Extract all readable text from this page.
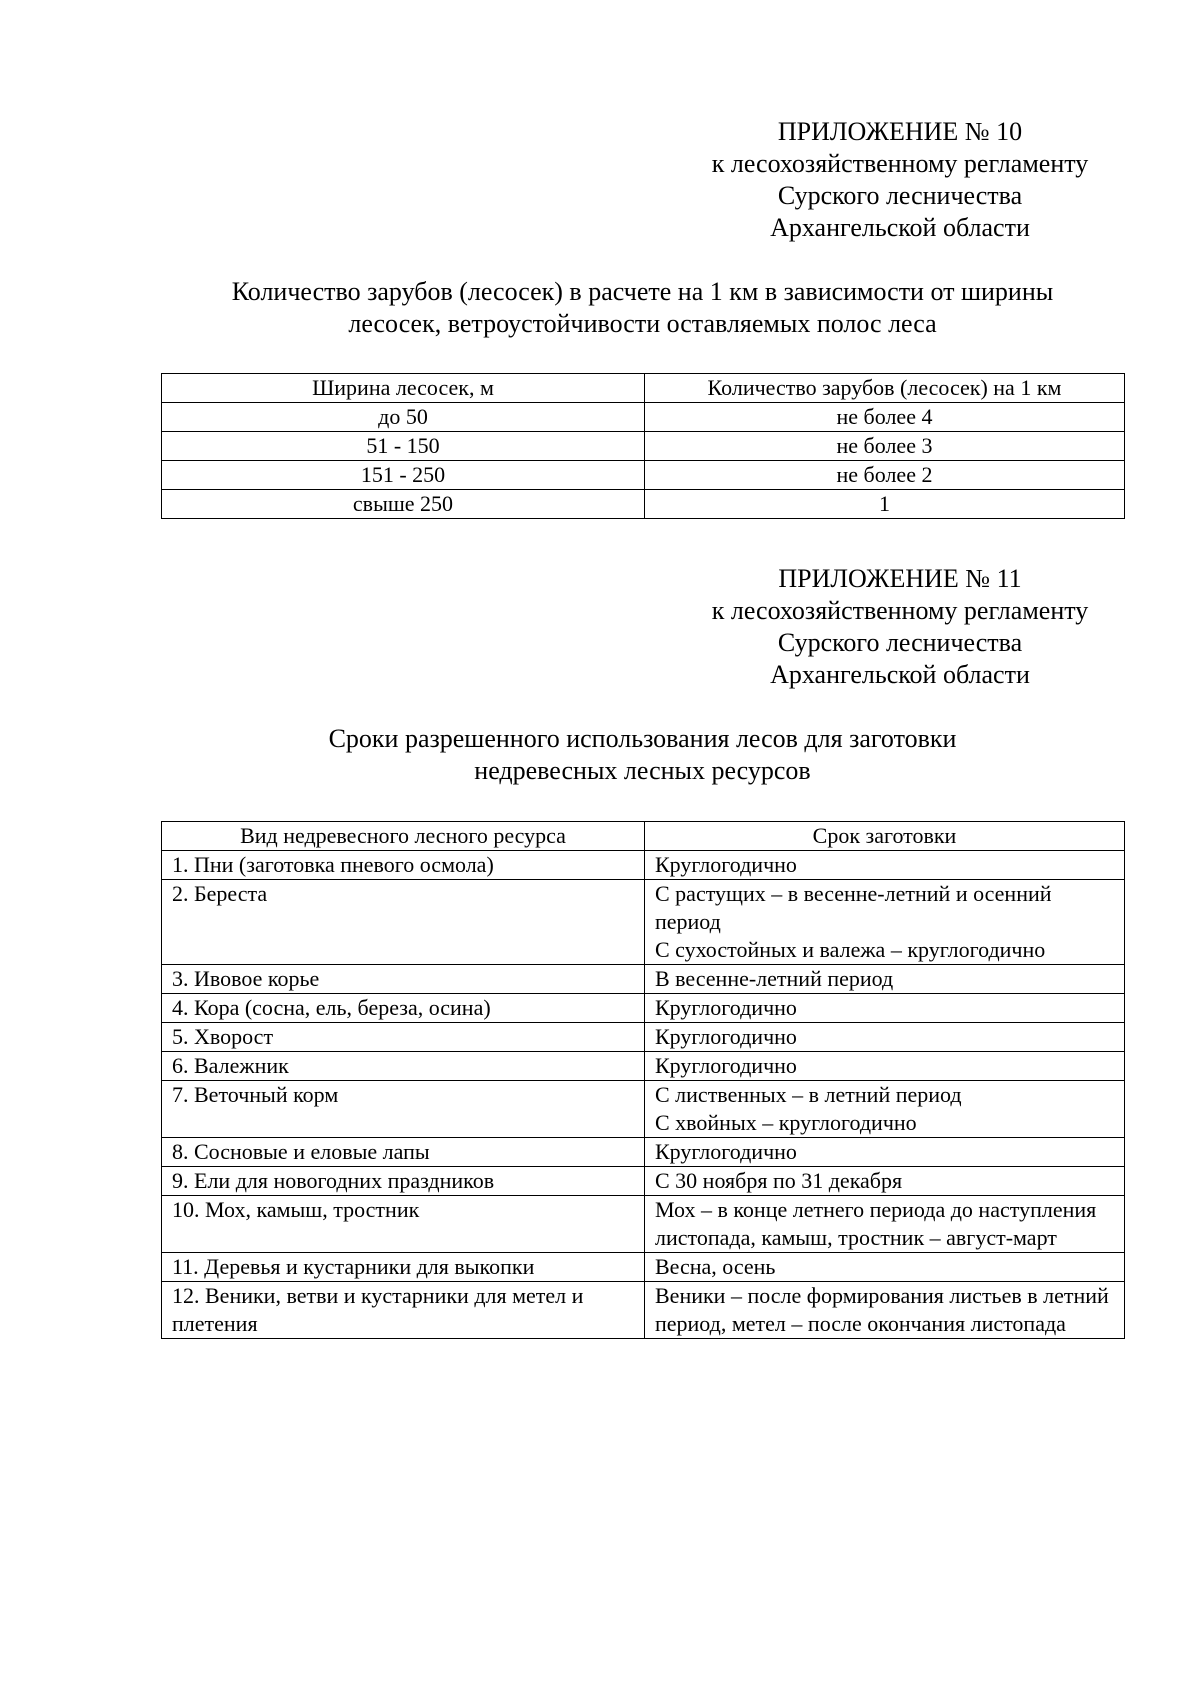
ПРИЛОЖЕНИЕ № 10
к лесохозяйственному регламенту
Сурского лесничества
Архангельской области
Количество зарубов (лесосек) в расчете на 1 км в зависимости от ширины
лесосек, ветроустойчивости оставляемых полос леса
Ширина лесосек, м	Количество зарубов (лесосек) на 1 км
до 50	не более 4
51 - 150	не более 3
151 - 250	не более 2
свыше 250	1
ПРИЛОЖЕНИЕ № 11
к лесохозяйственному регламенту
Сурского лесничества
Архангельской области
Сроки разрешенного использования лесов для заготовки
недревесных лесных ресурсов
Вид недревесного лесного ресурса	Срок заготовки
1. Пни (заготовка пневого осмола)	Круглогодично

2. Береста	С растущих – в весенне-летний и осенний период
С сухостойных и валежа – круглогодично

3. Ивовое корье	В весенне-летний период

4. Кора (сосна, ель, береза, осина)	Круглогодично

5. Хворост	Круглогодично

6. Валежник	Круглогодично

7. Веточный корм	С лиственных – в летний период
С хвойных – круглогодично

8. Сосновые и еловые лапы	Круглогодично

9. Ели для новогодних праздников	С 30 ноября по 31 декабря

10. Мох, камыш, тростник	Мох – в конце летнего периода до наступления листопада, камыш, тростник – август-март

11. Деревья и кустарники для выкопки	Весна, осень

12. Веники, ветви и кустарники для метел и плетения	Веники – после формирования листьев в летний период, метел – после окончания листопада
